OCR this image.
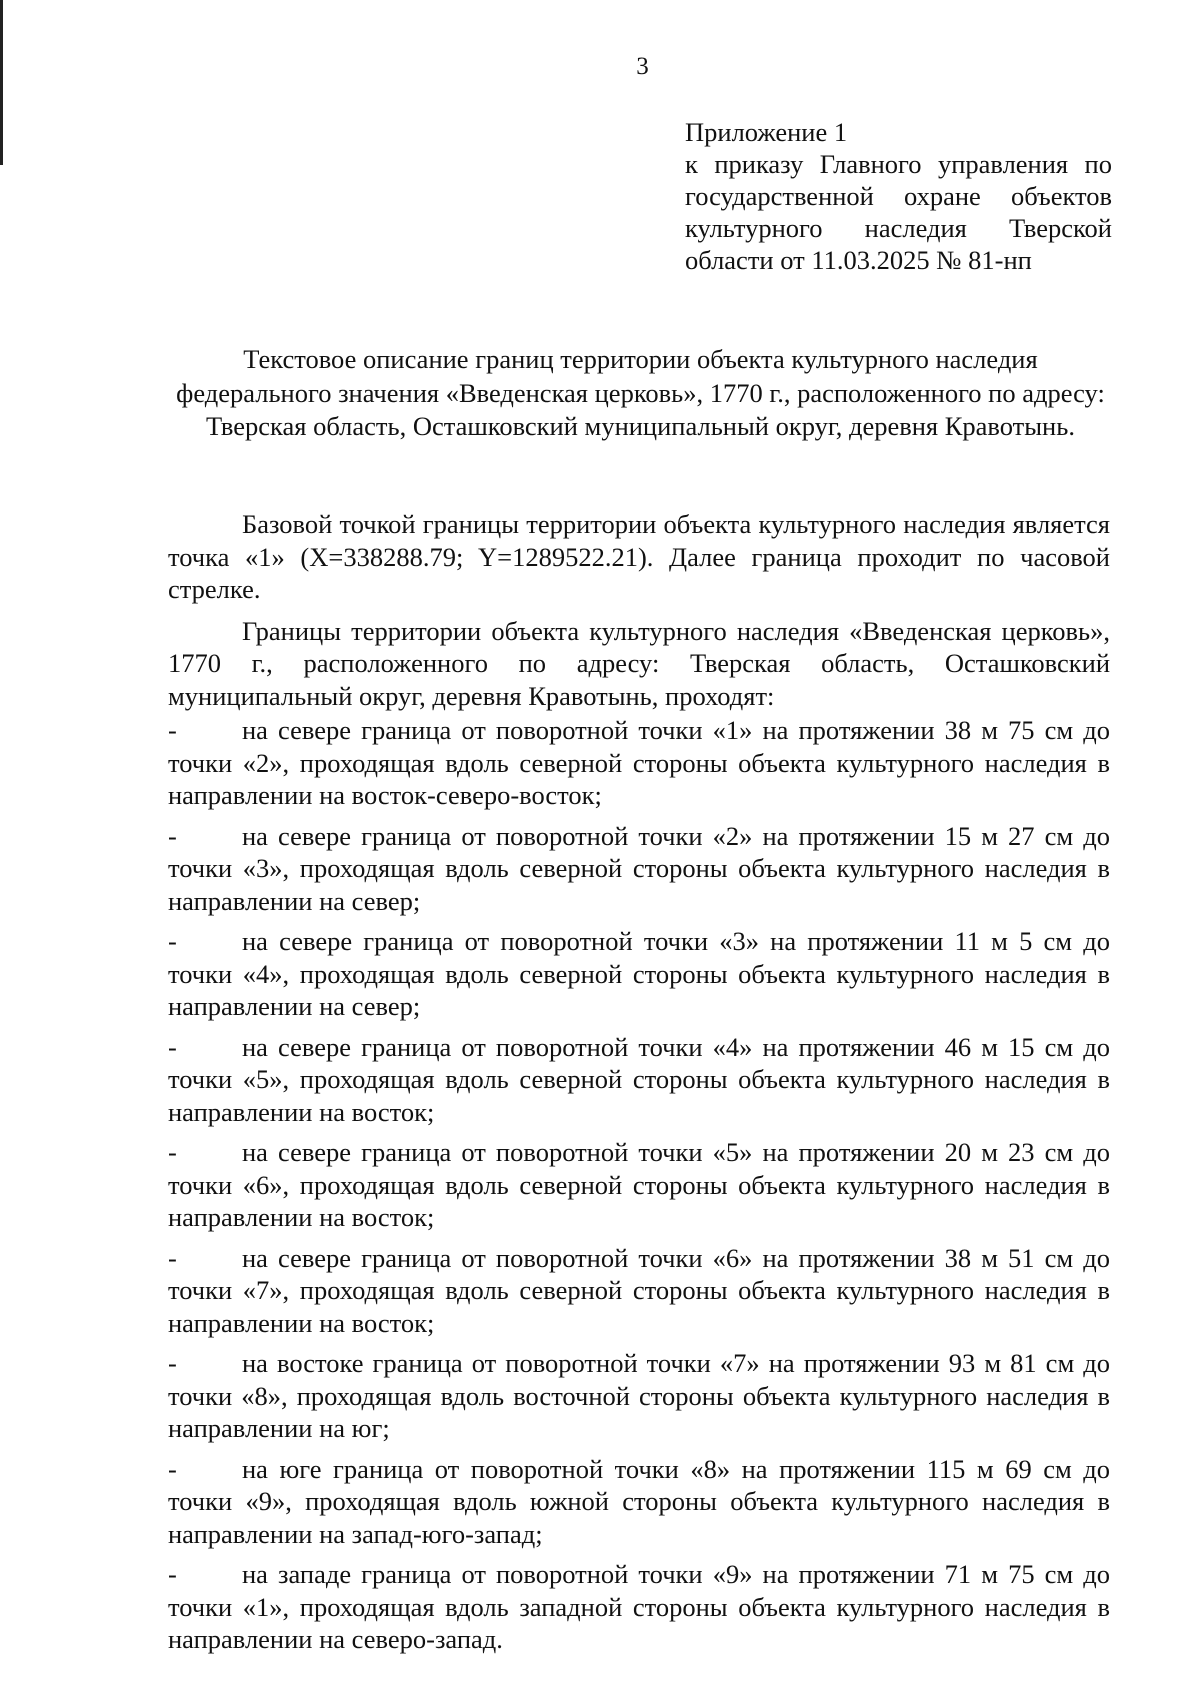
3
Приложение 1
к приказу Главного управления по государственной охране объектов культурного наследия Тверской области от 11.03.2025 № 81-нп
Текстовое описание границ территории объекта культурного наследия федерального значения «Введенская церковь», 1770 г., расположенного по адресу: Тверская область, Осташковский муниципальный округ, деревня Кравотынь.

Базовой точкой границы территории объекта культурного наследия является точка «1» (X=338288.79; Y=1289522.21). Далее граница проходит по часовой стрелке.

Границы территории объекта культурного наследия «Введенская церковь», 1770 г., расположенного по адресу: Тверская область, Осташковский муниципальный округ, деревня Кравотынь, проходят:

- на севере граница от поворотной точки «1» на протяжении 38 м 75 см до точки «2», проходящая вдоль северной стороны объекта культурного наследия в направлении на восток-северо-восток;
- на севере граница от поворотной точки «2» на протяжении 15 м 27 см до точки «3», проходящая вдоль северной стороны объекта культурного наследия в направлении на север;
- на севере граница от поворотной точки «3» на протяжении 11 м 5 см до точки «4», проходящая вдоль северной стороны объекта культурного наследия в направлении на север;
- на севере граница от поворотной точки «4» на протяжении 46 м 15 см до точки «5», проходящая вдоль северной стороны объекта культурного наследия в направлении на восток;
- на севере граница от поворотной точки «5» на протяжении 20 м 23 см до точки «6», проходящая вдоль северной стороны объекта культурного наследия в направлении на восток;
- на севере граница от поворотной точки «6» на протяжении 38 м 51 см до точки «7», проходящая вдоль северной стороны объекта культурного наследия в направлении на восток;
- на востоке граница от поворотной точки «7» на протяжении 93 м 81 см до точки «8», проходящая вдоль восточной стороны объекта культурного наследия в направлении на юг;
- на юге граница от поворотной точки «8» на протяжении 115 м 69 см до точки «9», проходящая вдоль южной стороны объекта культурного наследия в направлении на запад-юго-запад;
- на западе граница от поворотной точки «9» на протяжении 71 м 75 см до точки «1», проходящая вдоль западной стороны объекта культурного наследия в направлении на северо-запад.
